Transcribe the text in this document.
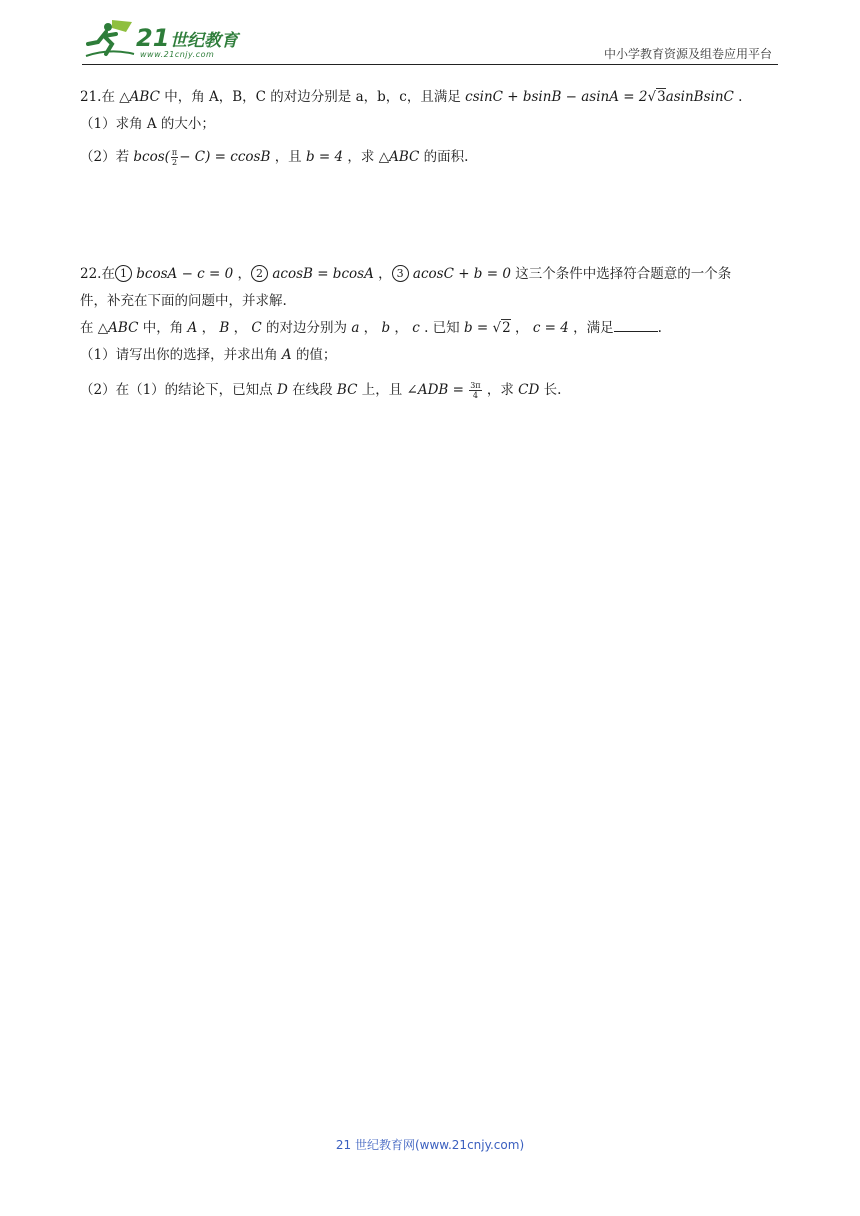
21 世纪教育
www.21cnjy.com	中小学教育资源及组卷应用平台
21.在 △ABC 中，角 A，B，C 的对边分别是 a，b，c，且满足 csinC + bsinB − asinA = 2√3asinBsinC .
（1）求角 A 的大小；
（2）若 $bcos( \frac{\pi}{2} - C) = ccosB$ ，且 b = 4 ，求 △ABC 的面积.
22.在 1 bcosA − c = 0 ， 2 acosB = bcosA ， 3 acosC + b = 0 这三个条件中选择符合题意的一个条
件，补充在下面的问题中，并求解.
在 △ABC 中，角 A ， B ， C 的对边分别为 a ， b ， c . 已知 b = √2 ， c = 4 ，满足	.
（1）请写出你的选择，并求出角 A 的值；
（2）在（1）的结论下，已知点 D 在线段 BC 上，且 ∠ADB = $\frac{3\pi}{4}$ ，求 CD 长.
21 世纪教育网(www.21cnjy.com)
